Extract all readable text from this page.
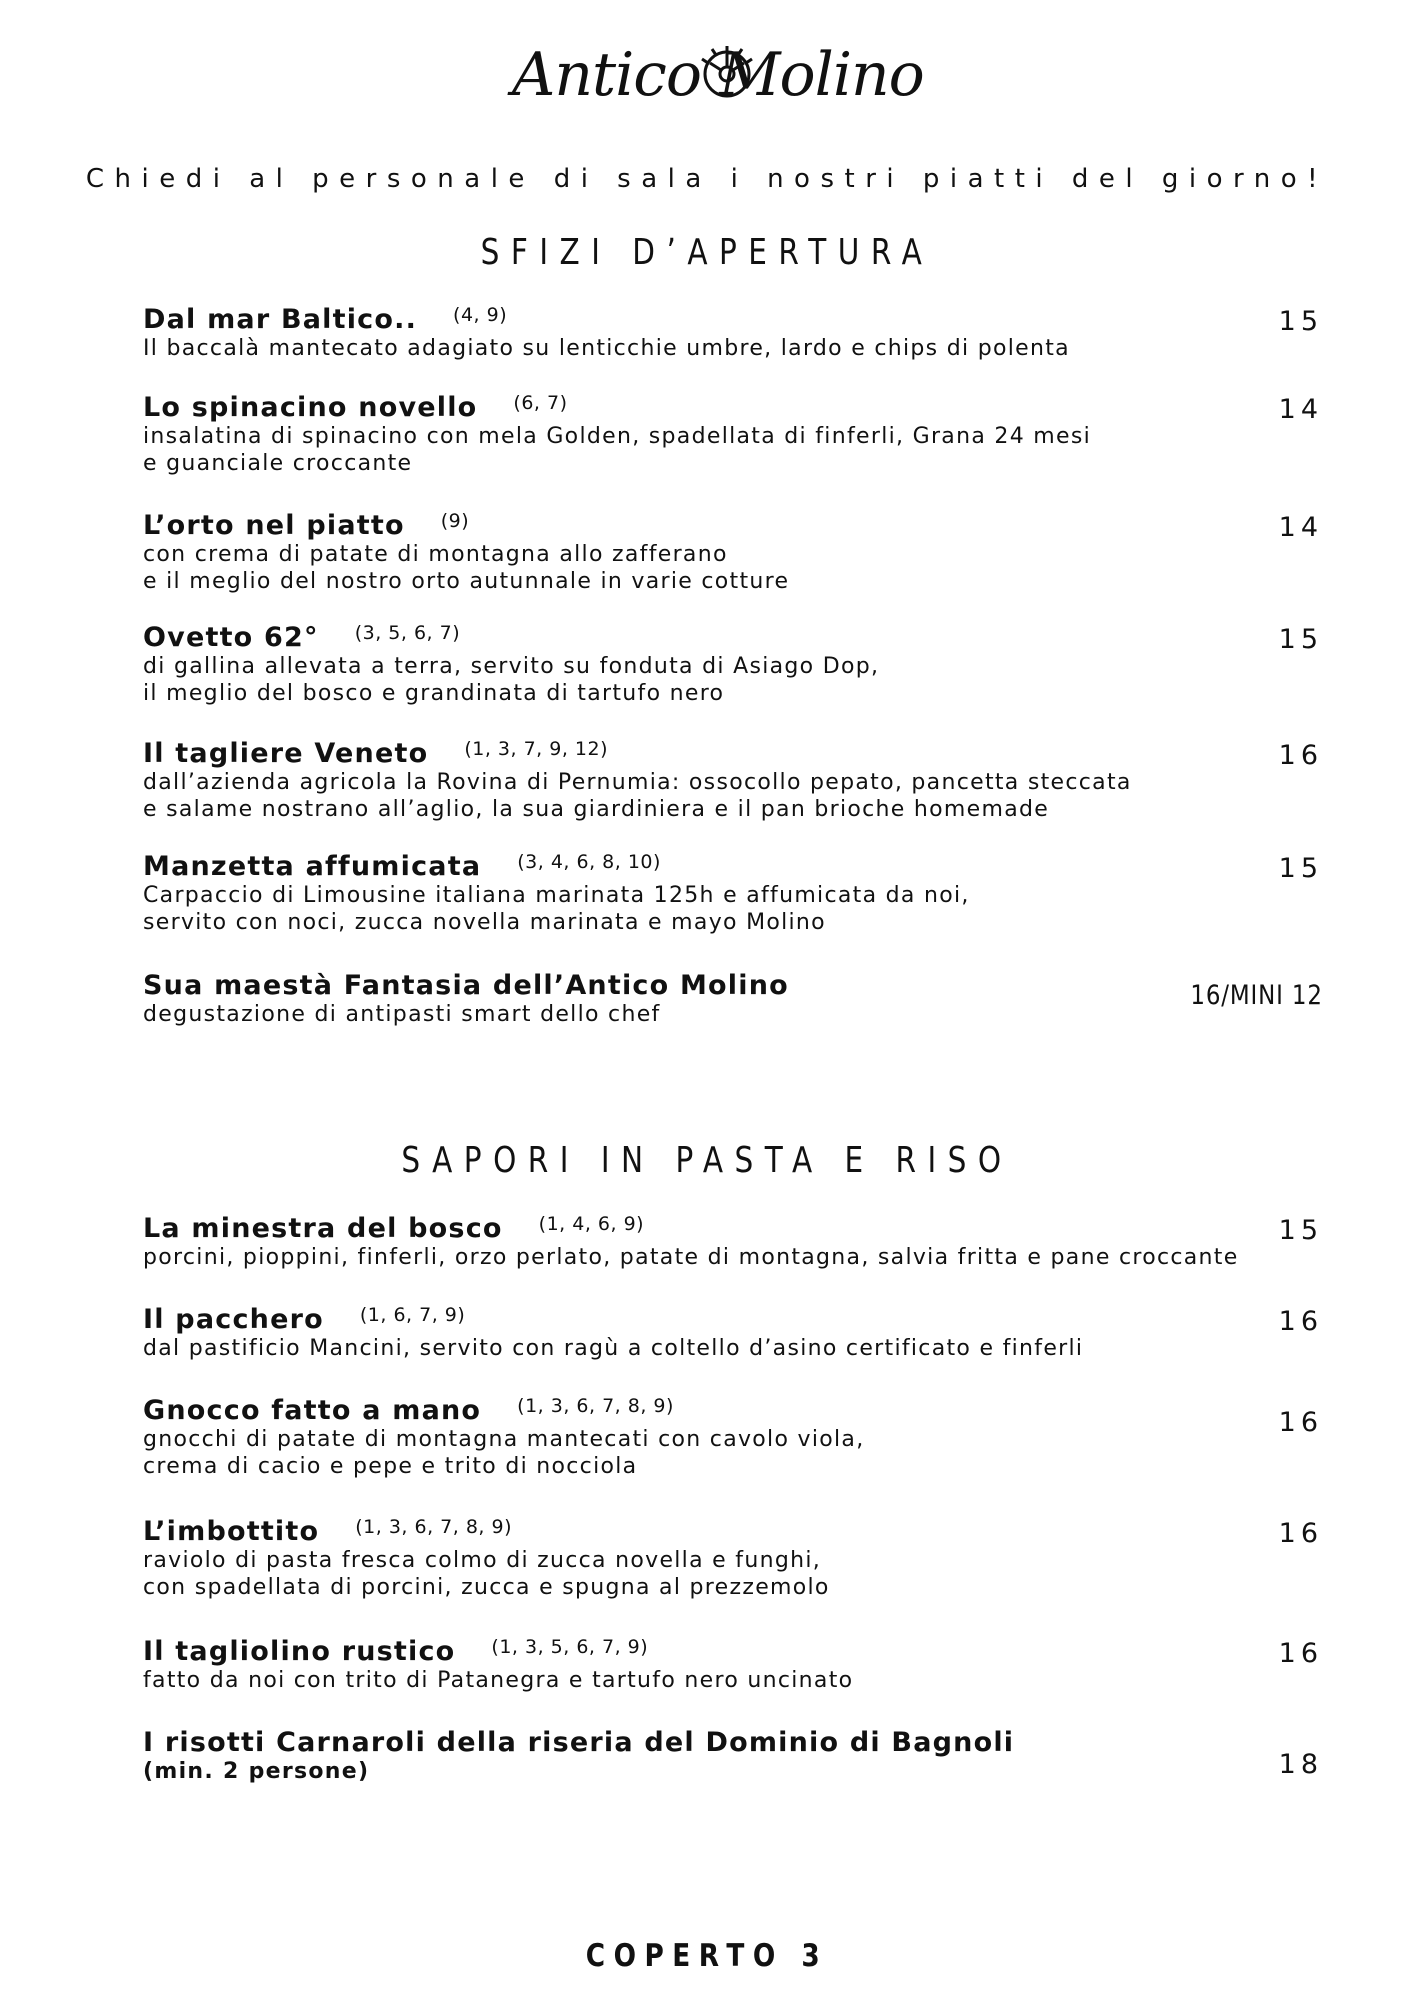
Antico Molino
Chiedi al personale di sala i nostri piatti del giorno!
SFIZI D’APERTURA
Dal mar Baltico.. (4, 9)
Il baccalà mantecato adagiato su lenticchie umbre, lardo e chips di polenta
15
Lo spinacino novello (6, 7)
insalatina di spinacino con mela Golden, spadellata di finferli, Grana 24 mesi
e guanciale croccante
14
L’orto nel piatto (9)
con crema di patate di montagna allo zafferano
e il meglio del nostro orto autunnale in varie cotture
14
Ovetto 62° (3, 5, 6, 7)
di gallina allevata a terra, servito su fonduta di Asiago Dop,
il meglio del bosco e grandinata di tartufo nero
15
Il tagliere Veneto (1, 3, 7, 9, 12)
dall’azienda agricola la Rovina di Pernumia: ossocollo pepato, pancetta steccata
e salame nostrano all’aglio, la sua giardiniera e il pan brioche homemade
16
Manzetta affumicata (3, 4, 6, 8, 10)
Carpaccio di Limousine italiana marinata 125h e affumicata da noi,
servito con noci, zucca novella marinata e mayo Molino
15
Sua maestà Fantasia dell’Antico Molino
degustazione di antipasti smart dello chef
16/MINI 12
SAPORI IN PASTA E RISO
La minestra del bosco (1, 4, 6, 9)
porcini, pioppini, finferli, orzo perlato, patate di montagna, salvia fritta e pane croccante
15
Il pacchero (1, 6, 7, 9)
dal pastificio Mancini, servito con ragù a coltello d’asino certificato e finferli
16
Gnocco fatto a mano (1, 3, 6, 7, 8, 9)
gnocchi di patate di montagna mantecati con cavolo viola,
crema di cacio e pepe e trito di nocciola
16
L’imbottito (1, 3, 6, 7, 8, 9)
raviolo di pasta fresca colmo di zucca novella e funghi,
con spadellata di porcini, zucca e spugna al prezzemolo
16
Il tagliolino rustico (1, 3, 5, 6, 7, 9)
fatto da noi con trito di Patanegra e tartufo nero uncinato
16
I risotti Carnaroli della riseria del Dominio di Bagnoli
(min. 2 persone)	18
COPERTO 3
